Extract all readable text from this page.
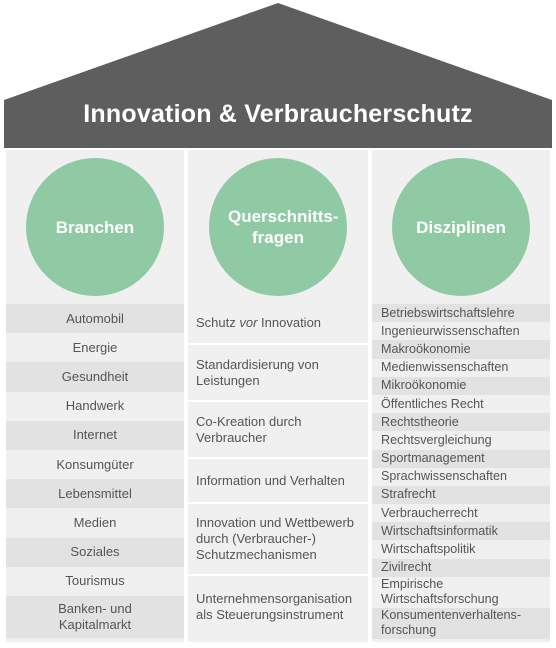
Innovation & Verbraucherschutz
Branchen
Automobil
Energie
Gesundheit
Handwerk
Internet
Konsumgüter
Lebensmittel
Medien
Soziales
Tourismus
Banken- und Kapitalmarkt
Querschnitts-fragen
Schutz vor Innovation
Standardisierung von Leistungen
Co-Kreation durch Verbraucher
Information und Verhalten
Innovation und Wettbewerb durch (Verbraucher-) Schutzmechanismen
Unternehmensorganisation als Steuerungsinstrument
Disziplinen
Betriebswirtschaftslehre
Ingenieurwissenschaften
Makroökonomie
Medienwissenschaften
Mikroökonomie
Öffentliches Recht
Rechtstheorie
Rechtsvergleichung
Sportmanagement
Sprachwissenschaften
Strafrecht
Verbraucherrecht
Wirtschaftsinformatik
Wirtschaftspolitik
Zivilrecht
Empirische Wirtschaftsforschung
Konsumentenverhaltens-forschung
